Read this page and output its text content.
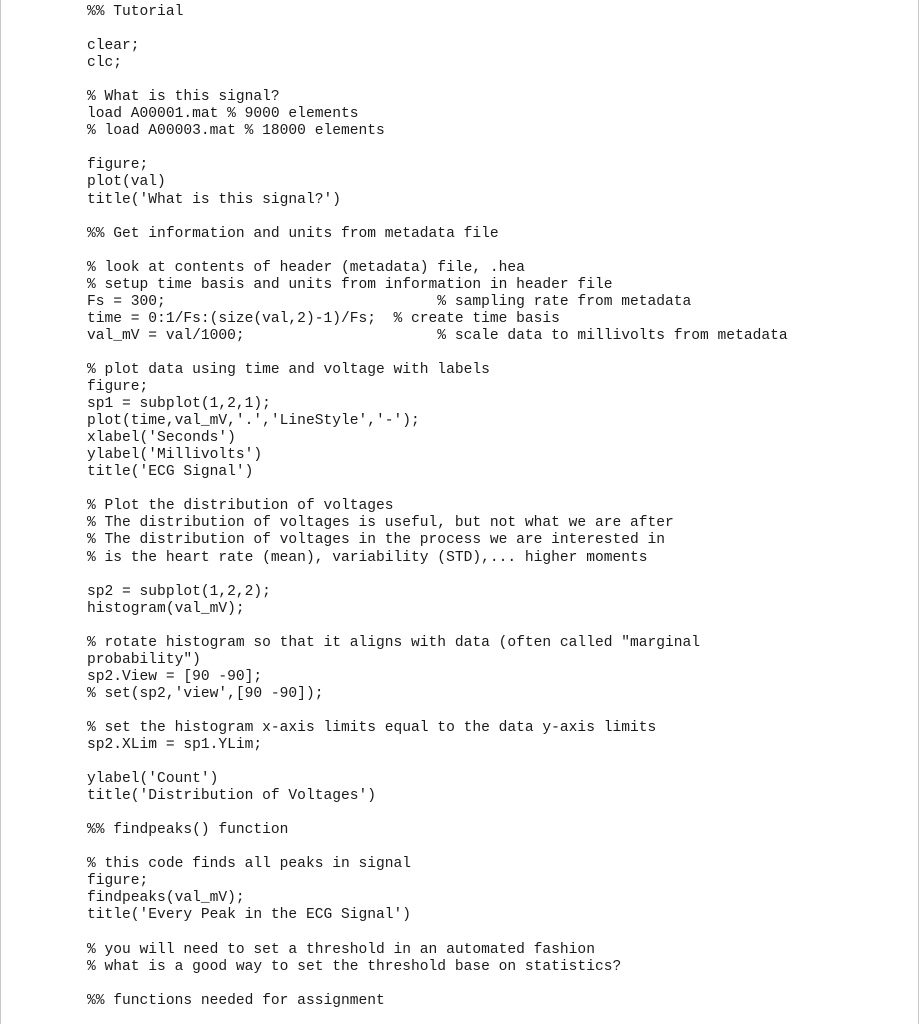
%% Tutorial
clear;
clc;
% What is this signal?
load A00001.mat % 9000 elements
% load A00003.mat % 18000 elements
figure;
plot(val)
title('What is this signal?')
%% Get information and units from metadata file
% look at contents of header (metadata) file, .hea
% setup time basis and units from information in header file
Fs = 300;                               % sampling rate from metadata
time = 0:1/Fs:(size(val,2)-1)/Fs;  % create time basis
val_mV = val/1000;                      % scale data to millivolts from metadata
% plot data using time and voltage with labels
figure;
sp1 = subplot(1,2,1);
plot(time,val_mV,'.','LineStyle','-');
xlabel('Seconds')
ylabel('Millivolts')
title('ECG Signal')
% Plot the distribution of voltages
% The distribution of voltages is useful, but not what we are after
% The distribution of voltages in the process we are interested in
% is the heart rate (mean), variability (STD),... higher moments
sp2 = subplot(1,2,2);
histogram(val_mV);
% rotate histogram so that it aligns with data (often called "marginal
probability")
sp2.View = [90 -90];
% set(sp2,'view',[90 -90]);
% set the histogram x-axis limits equal to the data y-axis limits
sp2.XLim = sp1.YLim;
ylabel('Count')
title('Distribution of Voltages')
%% findpeaks() function
% this code finds all peaks in signal
figure;
findpeaks(val_mV);
title('Every Peak in the ECG Signal')
% you will need to set a threshold in an automated fashion
% what is a good way to set the threshold base on statistics?
%% functions needed for assignment
